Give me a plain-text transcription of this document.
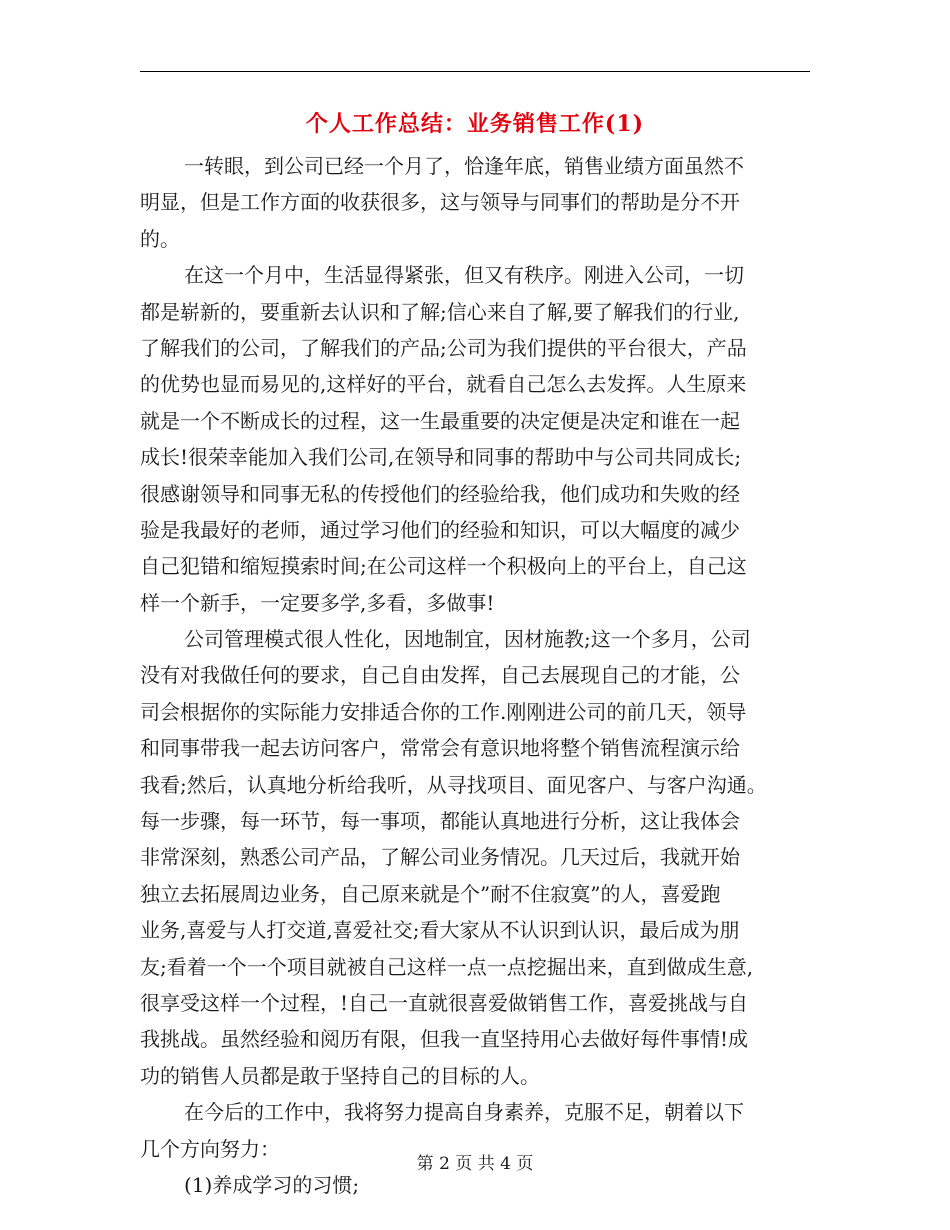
个人工作总结：业务销售工作(1)
一转眼，到公司已经一个月了，恰逢年底，销售业绩方面虽然不
明显，但是工作方面的收获很多，这与领导与同事们的帮助是分不开
的。
在这一个月中，生活显得紧张，但又有秩序。刚进入公司，一切
都是崭新的，要重新去认识和了解;信心来自了解,要了解我们的行业,
了解我们的公司，了解我们的产品;公司为我们提供的平台很大，产品
的优势也显而易见的,这样好的平台，就看自己怎么去发挥。人生原来
就是一个不断成长的过程，这一生最重要的决定便是决定和谁在一起
成长!很荣幸能加入我们公司,在领导和同事的帮助中与公司共同成长;
很感谢领导和同事无私的传授他们的经验给我，他们成功和失败的经
验是我最好的老师，通过学习他们的经验和知识，可以大幅度的减少
自己犯错和缩短摸索时间;在公司这样一个积极向上的平台上，自己这
样一个新手，一定要多学,多看，多做事!
公司管理模式很人性化，因地制宜，因材施教;这一个多月，公司
没有对我做任何的要求，自己自由发挥，自己去展现自己的才能，公
司会根据你的实际能力安排适合你的工作.刚刚进公司的前几天，领导
和同事带我一起去访问客户，常常会有意识地将整个销售流程演示给
我看;然后，认真地分析给我听，从寻找项目、面见客户、与客户沟通。
每一步骤，每一环节，每一事项，都能认真地进行分析，这让我体会
非常深刻，熟悉公司产品，了解公司业务情况。几天过后，我就开始
独立去拓展周边业务，自己原来就是个”耐不住寂寞”的人，喜爱跑
业务,喜爱与人打交道,喜爱社交;看大家从不认识到认识，最后成为朋
友;看着一个一个项目就被自己这样一点一点挖掘出来，直到做成生意,
很享受这样一个过程，!自己一直就很喜爱做销售工作，喜爱挑战与自
我挑战。虽然经验和阅历有限，但我一直坚持用心去做好每件事情!成
功的销售人员都是敢于坚持自己的目标的人。
在今后的工作中，我将努力提高自身素养，克服不足，朝着以下
几个方向努力：
(1)养成学习的习惯;
第 2 页 共 4 页
